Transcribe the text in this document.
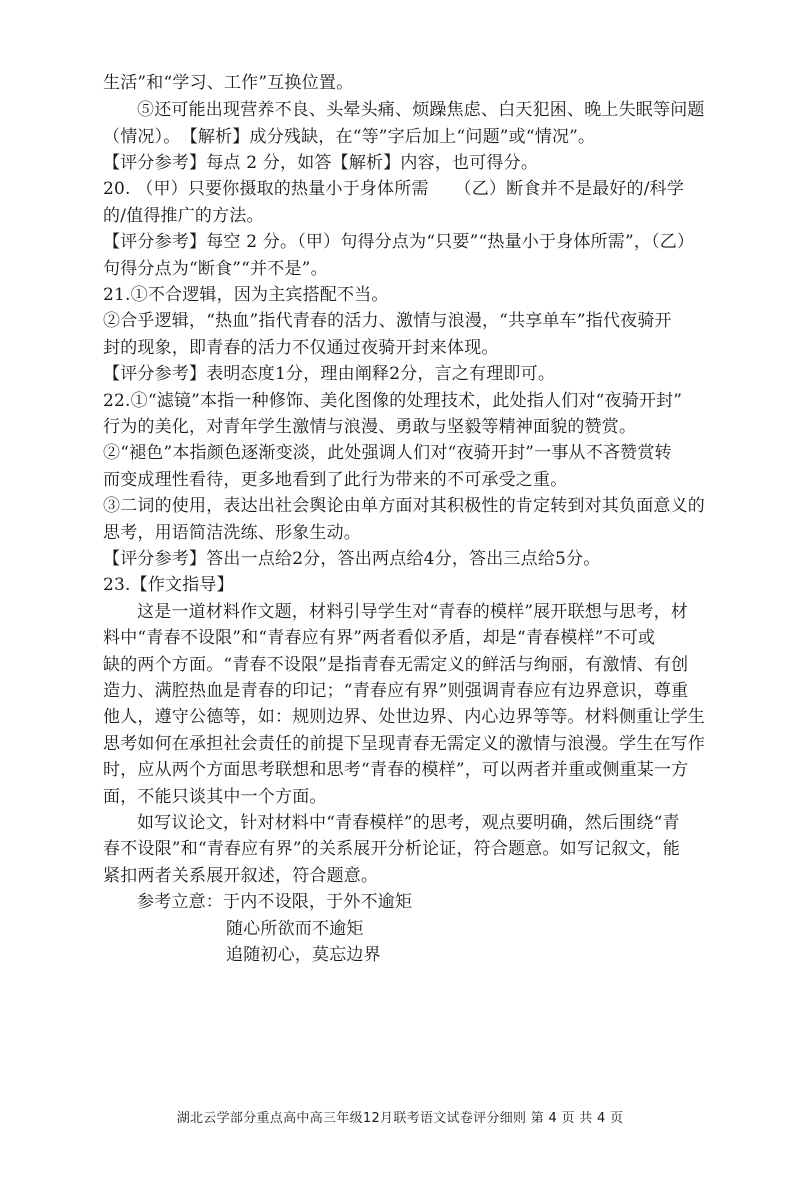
生活”和“学习、工作”互换位置。
⑤还可能出现营养不良、头晕头痛、烦躁焦虑、白天犯困、晚上失眠等问题
（情况）。　【解析】成分残缺，在“等”字后加上“问题”或“情况”。
【评分参考】每点 2 分，如答【解析】内容，也可得分。
20. （甲）只要你摄取的热量小于身体所需　　（乙）断食并不是最好的/科学
的/值得推广的方法。
【评分参考】每空 2 分。（甲）句得分点为“只要”“热量小于身体所需”，（乙）
句得分点为“断食”“并不是”。
21.①不合逻辑，因为主宾搭配不当。
②合乎逻辑，“热血”指代青春的活力、激情与浪漫，“共享单车”指代夜骑开
封的现象，即青春的活力不仅通过夜骑开封来体现。
【评分参考】表明态度1分，理由阐释2分，言之有理即可。
22.①“滤镜”本指一种修饰、美化图像的处理技术，此处指人们对“夜骑开封”
行为的美化，对青年学生激情与浪漫、勇敢与坚毅等精神面貌的赞赏。
②“褪色”本指颜色逐渐变淡，此处强调人们对“夜骑开封”一事从不吝赞赏转
而变成理性看待，更多地看到了此行为带来的不可承受之重。
③二词的使用，表达出社会舆论由单方面对其积极性的肯定转到对其负面意义的
思考，用语简洁洗练、形象生动。
【评分参考】答出一点给2分，答出两点给4分，答出三点给5分。
23.【作文指导】
这是一道材料作文题，材料引导学生对“青春的模样”展开联想与思考，材
料中“青春不设限”和“青春应有界”两者看似矛盾，却是“青春模样”不可或
缺的两个方面。“青春不设限”是指青春无需定义的鲜活与绚丽，有激情、有创
造力、满腔热血是青春的印记；“青春应有界”则强调青春应有边界意识，尊重
他人，遵守公德等，如：规则边界、处世边界、内心边界等等。材料侧重让学生
思考如何在承担社会责任的前提下呈现青春无需定义的激情与浪漫。学生在写作
时，应从两个方面思考联想和思考“青春的模样”，可以两者并重或侧重某一方
面，不能只谈其中一个方面。
如写议论文，针对材料中“青春模样”的思考，观点要明确，然后围绕“青
春不设限”和“青春应有界”的关系展开分析论证，符合题意。如写记叙文，能
紧扣两者关系展开叙述，符合题意。
参考立意：于内不设限，于外不逾矩
随心所欲而不逾矩
追随初心，莫忘边界
湖北云学部分重点高中高三年级12月联考语文试卷评分细则 第 4 页 共 4 页
